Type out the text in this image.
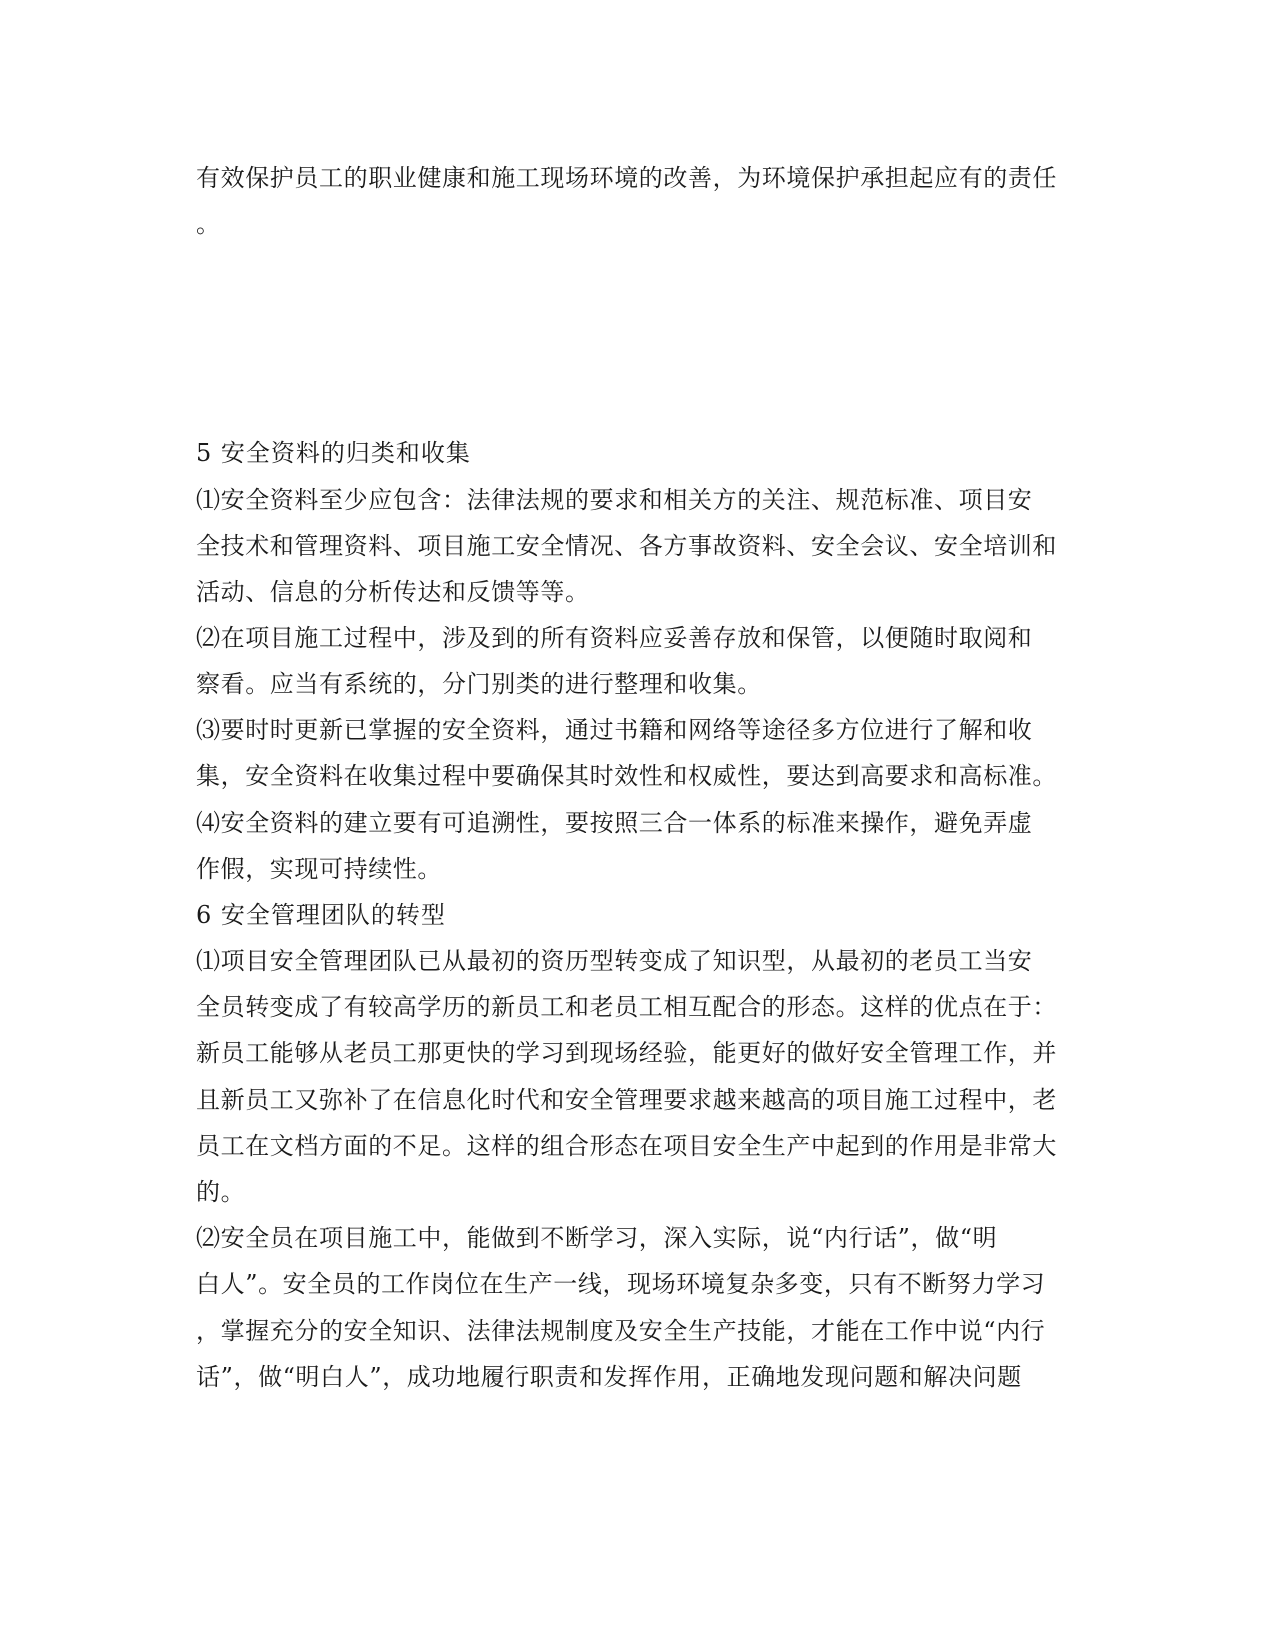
有效保护员工的职业健康和施工现场环境的改善，为环境保护承担起应有的责任
。
5 安全资料的归类和收集
⑴安全资料至少应包含：法律法规的要求和相关方的关注、规范标准、项目安
全技术和管理资料、项目施工安全情况、各方事故资料、安全会议、安全培训和
活动、信息的分析传达和反馈等等。
⑵在项目施工过程中，涉及到的所有资料应妥善存放和保管，以便随时取阅和
察看。应当有系统的，分门别类的进行整理和收集。
⑶要时时更新已掌握的安全资料，通过书籍和网络等途径多方位进行了解和收
集，安全资料在收集过程中要确保其时效性和权威性，要达到高要求和高标准。
⑷安全资料的建立要有可追溯性，要按照三合一体系的标准来操作，避免弄虚
作假，实现可持续性。
6 安全管理团队的转型
⑴项目安全管理团队已从最初的资历型转变成了知识型，从最初的老员工当安
全员转变成了有较高学历的新员工和老员工相互配合的形态。这样的优点在于：
新员工能够从老员工那更快的学习到现场经验，能更好的做好安全管理工作，并
且新员工又弥补了在信息化时代和安全管理要求越来越高的项目施工过程中，老
员工在文档方面的不足。这样的组合形态在项目安全生产中起到的作用是非常大
的。
⑵安全员在项目施工中，能做到不断学习，深入实际，说“内行话”，做“明
白人”。安全员的工作岗位在生产一线，现场环境复杂多变，只有不断努力学习
，掌握充分的安全知识、法律法规制度及安全生产技能，才能在工作中说“内行
话”，做“明白人”，成功地履行职责和发挥作用，正确地发现问题和解决问题
